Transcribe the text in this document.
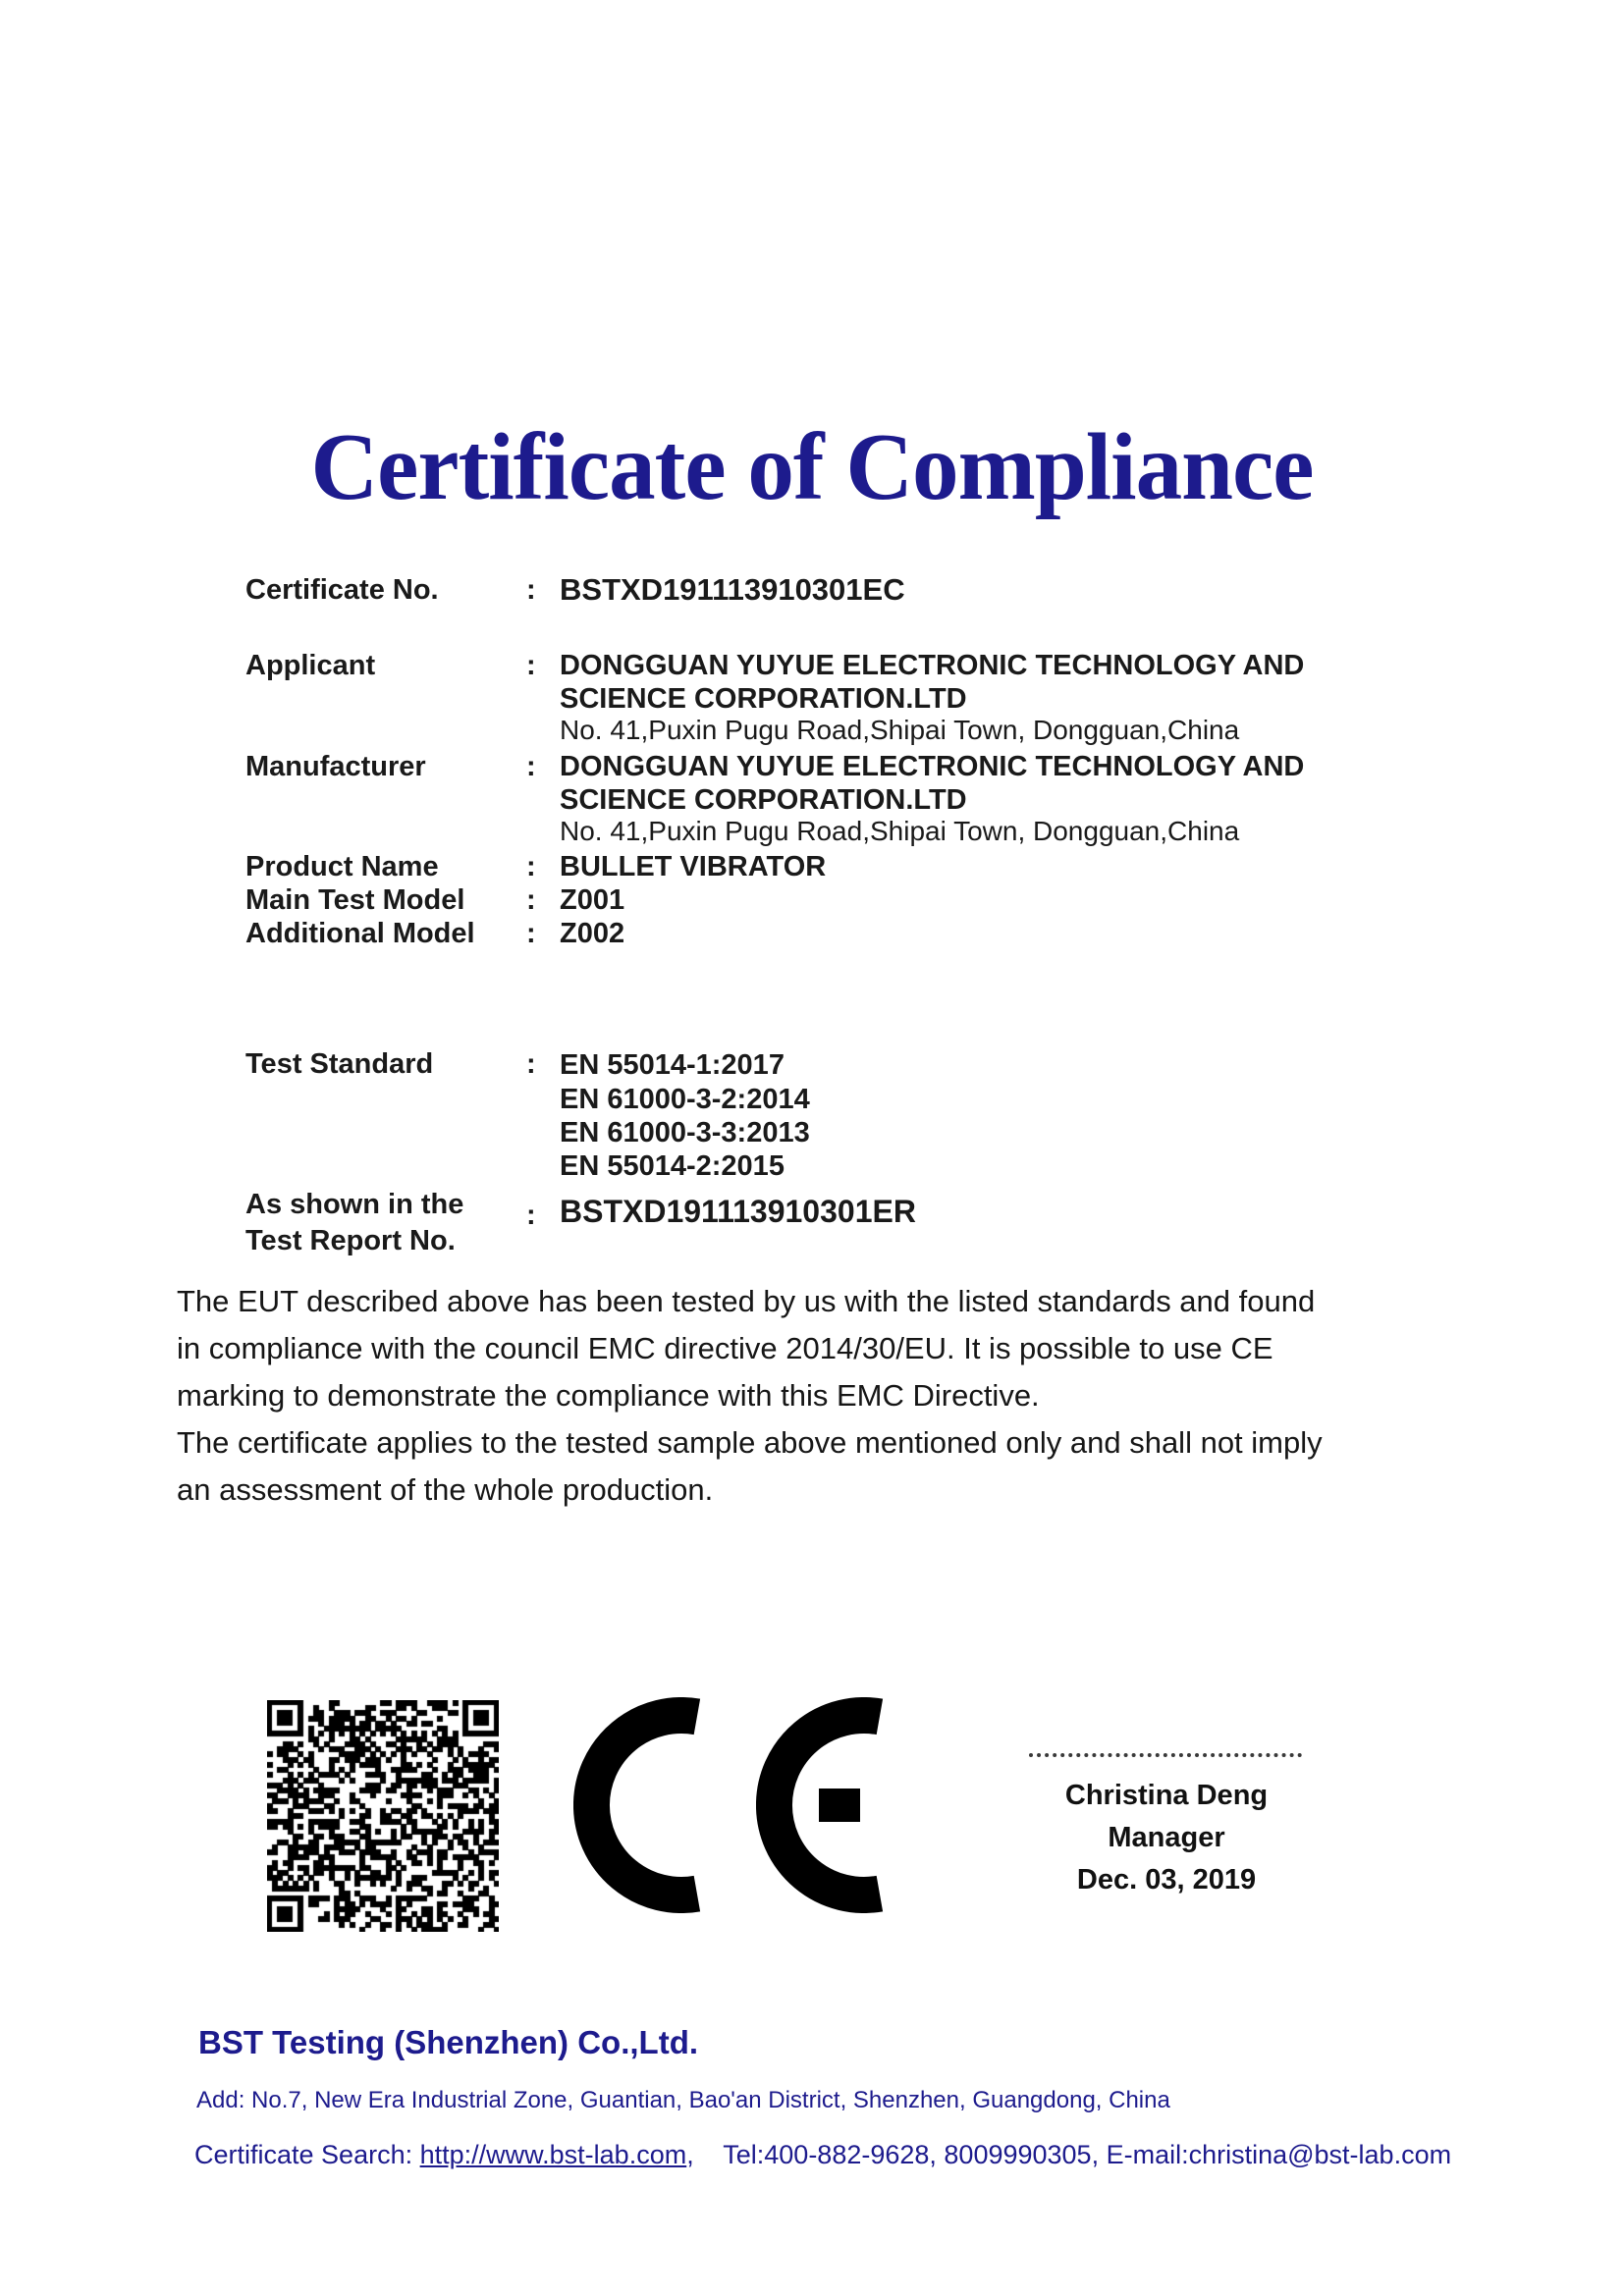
Certificate of Compliance
Certificate No.	: BSTXD191113910301EC
Applicant	: DONGGUAN YUYUE ELECTRONIC TECHNOLOGY AND
SCIENCE CORPORATION.LTD
No. 41,Puxin Pugu Road,Shipai Town, Dongguan,China
Manufacturer	: DONGGUAN YUYUE ELECTRONIC TECHNOLOGY AND
SCIENCE CORPORATION.LTD
No. 41,Puxin Pugu Road,Shipai Town, Dongguan,China
Product Name	: BULLET VIBRATOR
Main Test Model : Z001
Additional Model : Z002
Test Standard	: EN 55014-1:2017
EN 61000-3-2:2014
EN 61000-3-3:2013
EN 55014-2:2015
As shown in the
Test Report No.
: BSTXD191113910301ER
The EUT described above has been tested by us with the listed standards and found
in compliance with the council EMC directive 2014/30/EU. It is possible to use CE
marking to demonstrate the compliance with this EMC Directive.
The certificate applies to the tested sample above mentioned only and shall not imply
an assessment of the whole production.
Christina Deng
Manager
Dec. 03, 2019
BST Testing (Shenzhen) Co.,Ltd.
Add: No.7, New Era Industrial Zone, Guantian, Bao'an District, Shenzhen, Guangdong, China
Certificate Search: http://www.bst-lab.com, Tel:400-882-9628, 8009990305, E-mail:christina@bst-lab.com
